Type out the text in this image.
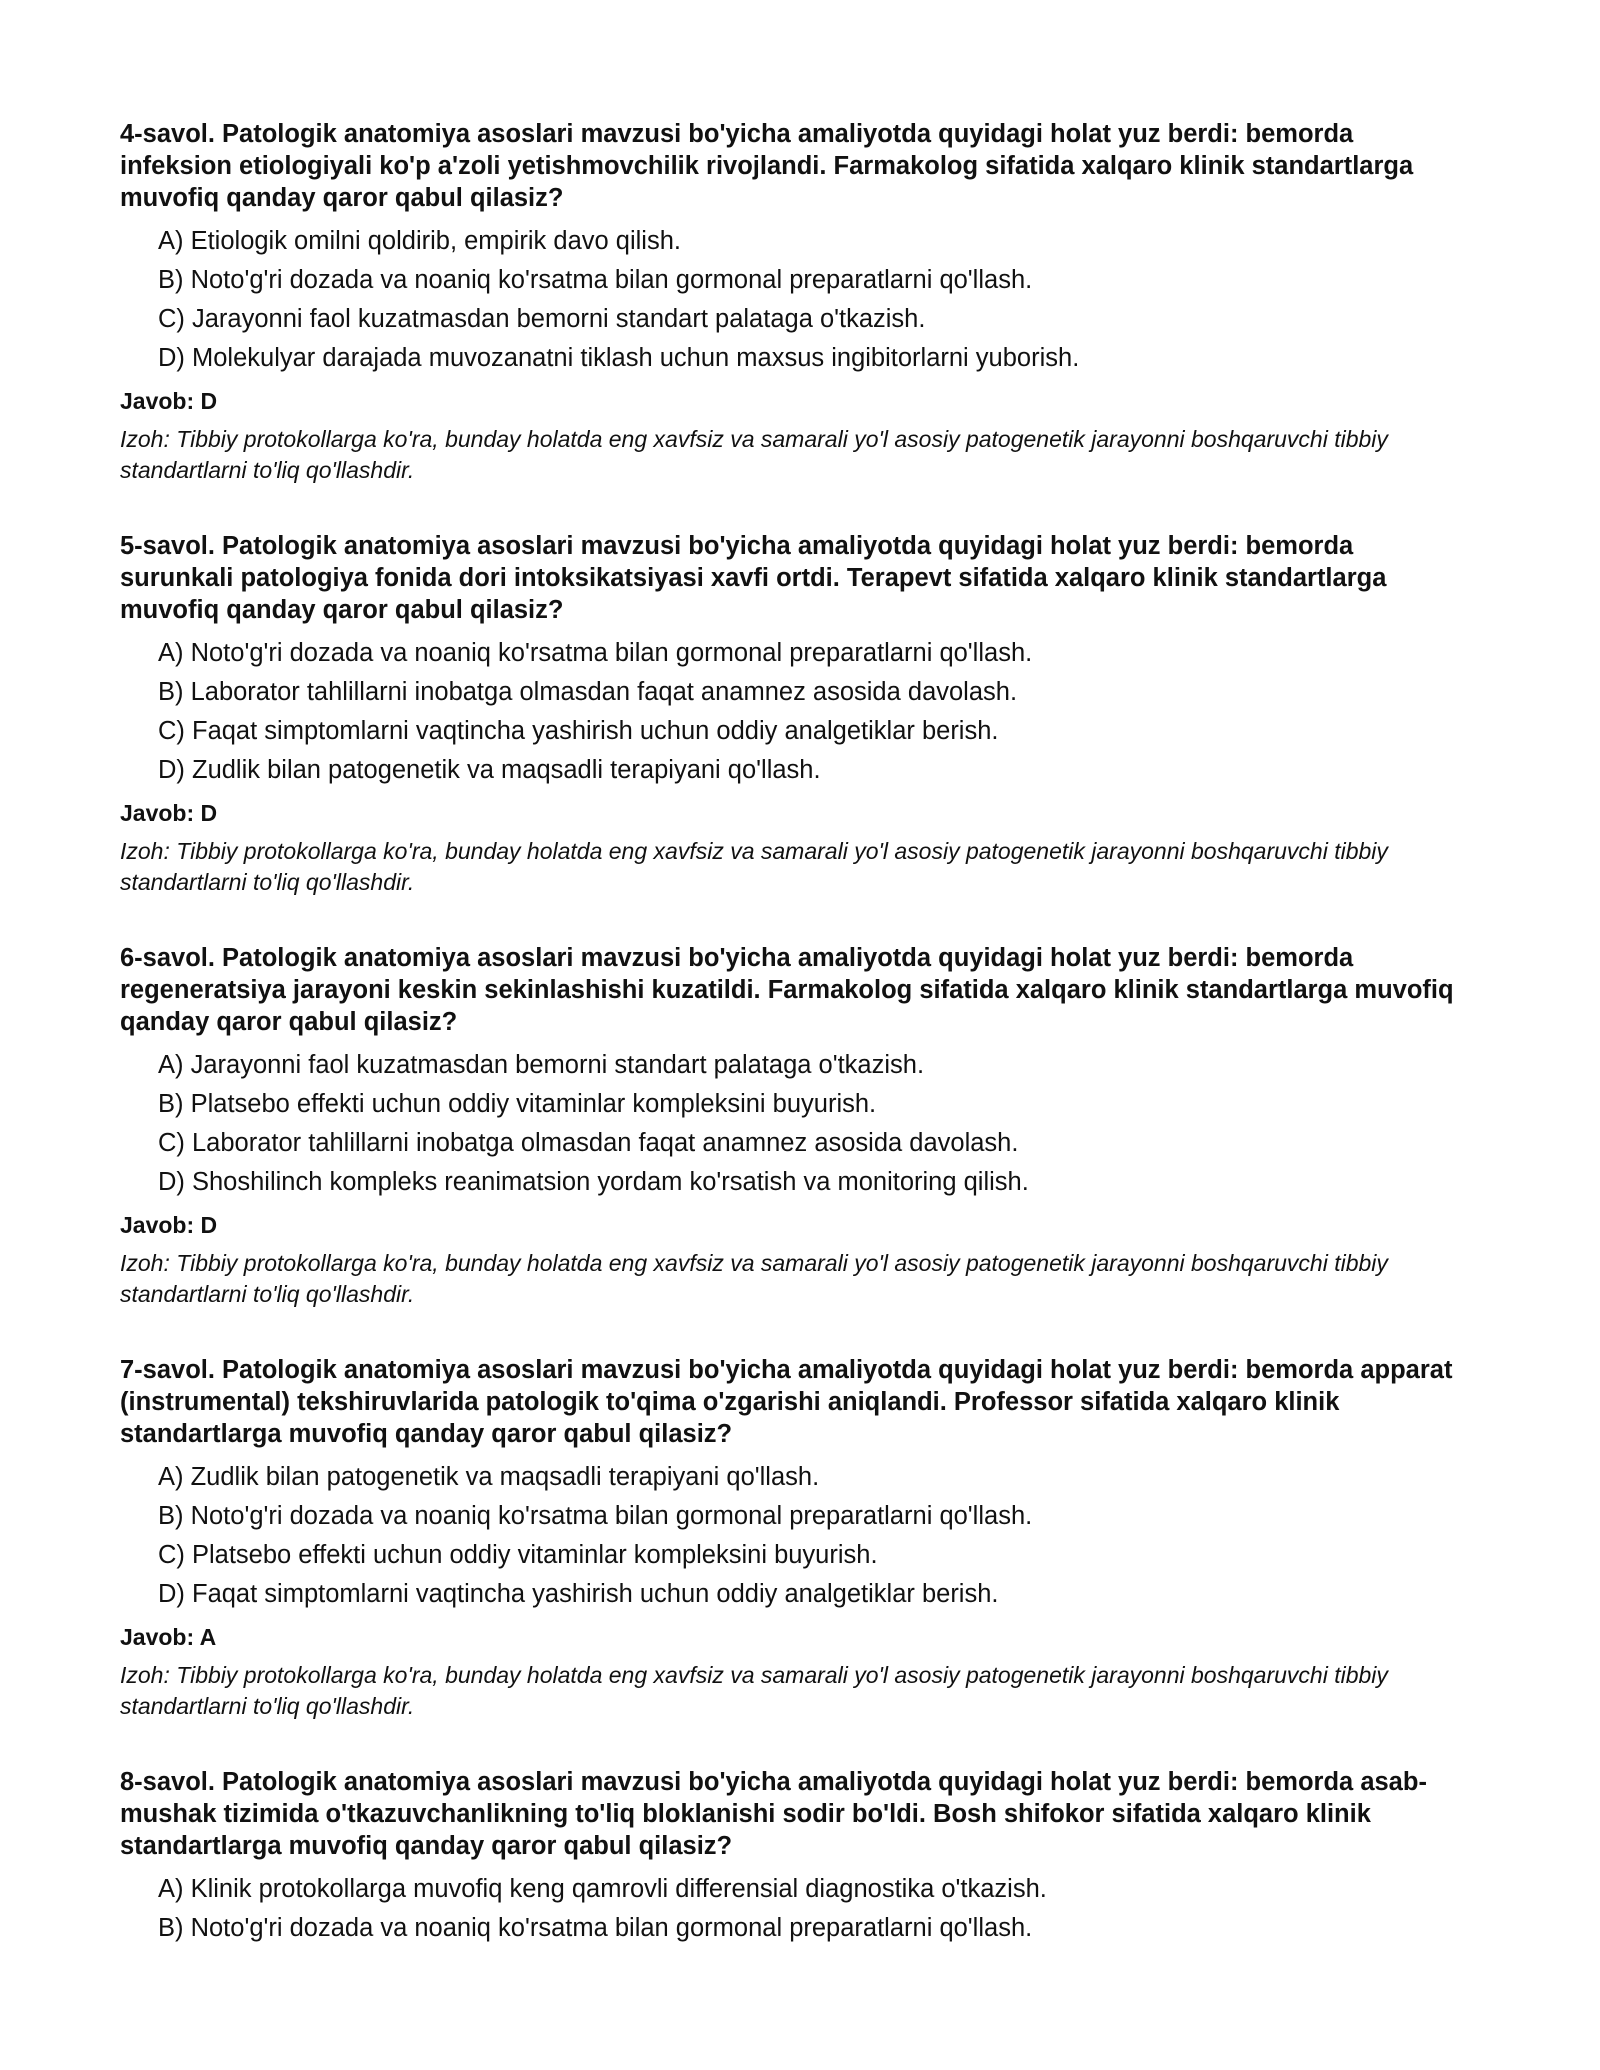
4-savol. Patologik anatomiya asoslari mavzusi bo'yicha amaliyotda quyidagi holat yuz berdi: bemorda infeksion etiologiyali ko'p a'zoli yetishmovchilik rivojlandi. Farmakolog sifatida xalqaro klinik standartlarga muvofiq qanday qaror qabul qilasiz?
A) Etiologik omilni qoldirib, empirik davo qilish.
B) Noto'g'ri dozada va noaniq ko'rsatma bilan gormonal preparatlarni qo'llash.
C) Jarayonni faol kuzatmasdan bemorni standart palataga o'tkazish.
D) Molekulyar darajada muvozanatni tiklash uchun maxsus ingibitorlarni yuborish.
Javob: D
Izoh: Tibbiy protokollarga ko'ra, bunday holatda eng xavfsiz va samarali yo'l asosiy patogenetik jarayonni boshqaruvchi tibbiy standartlarni to'liq qo'llashdir.
5-savol. Patologik anatomiya asoslari mavzusi bo'yicha amaliyotda quyidagi holat yuz berdi: bemorda surunkali patologiya fonida dori intoksikatsiyasi xavfi ortdi. Terapevt sifatida xalqaro klinik standartlarga muvofiq qanday qaror qabul qilasiz?
A) Noto'g'ri dozada va noaniq ko'rsatma bilan gormonal preparatlarni qo'llash.
B) Laborator tahlillarni inobatga olmasdan faqat anamnez asosida davolash.
C) Faqat simptomlarni vaqtincha yashirish uchun oddiy analgetiklar berish.
D) Zudlik bilan patogenetik va maqsadli terapiyani qo'llash.
Javob: D
Izoh: Tibbiy protokollarga ko'ra, bunday holatda eng xavfsiz va samarali yo'l asosiy patogenetik jarayonni boshqaruvchi tibbiy standartlarni to'liq qo'llashdir.
6-savol. Patologik anatomiya asoslari mavzusi bo'yicha amaliyotda quyidagi holat yuz berdi: bemorda regeneratsiya jarayoni keskin sekinlashishi kuzatildi. Farmakolog sifatida xalqaro klinik standartlarga muvofiq qanday qaror qabul qilasiz?
A) Jarayonni faol kuzatmasdan bemorni standart palataga o'tkazish.
B) Platsebo effekti uchun oddiy vitaminlar kompleksini buyurish.
C) Laborator tahlillarni inobatga olmasdan faqat anamnez asosida davolash.
D) Shoshilinch kompleks reanimatsion yordam ko'rsatish va monitoring qilish.
Javob: D
Izoh: Tibbiy protokollarga ko'ra, bunday holatda eng xavfsiz va samarali yo'l asosiy patogenetik jarayonni boshqaruvchi tibbiy standartlarni to'liq qo'llashdir.
7-savol. Patologik anatomiya asoslari mavzusi bo'yicha amaliyotda quyidagi holat yuz berdi: bemorda apparat (instrumental) tekshiruvlarida patologik to'qima o'zgarishi aniqlandi. Professor sifatida xalqaro klinik standartlarga muvofiq qanday qaror qabul qilasiz?
A) Zudlik bilan patogenetik va maqsadli terapiyani qo'llash.
B) Noto'g'ri dozada va noaniq ko'rsatma bilan gormonal preparatlarni qo'llash.
C) Platsebo effekti uchun oddiy vitaminlar kompleksini buyurish.
D) Faqat simptomlarni vaqtincha yashirish uchun oddiy analgetiklar berish.
Javob: A
Izoh: Tibbiy protokollarga ko'ra, bunday holatda eng xavfsiz va samarali yo'l asosiy patogenetik jarayonni boshqaruvchi tibbiy standartlarni to'liq qo'llashdir.
8-savol. Patologik anatomiya asoslari mavzusi bo'yicha amaliyotda quyidagi holat yuz berdi: bemorda asab-mushak tizimida o'tkazuvchanlikning to'liq bloklanishi sodir bo'ldi. Bosh shifokor sifatida xalqaro klinik standartlarga muvofiq qanday qaror qabul qilasiz?
A) Klinik protokollarga muvofiq keng qamrovli differensial diagnostika o'tkazish.
B) Noto'g'ri dozada va noaniq ko'rsatma bilan gormonal preparatlarni qo'llash.
